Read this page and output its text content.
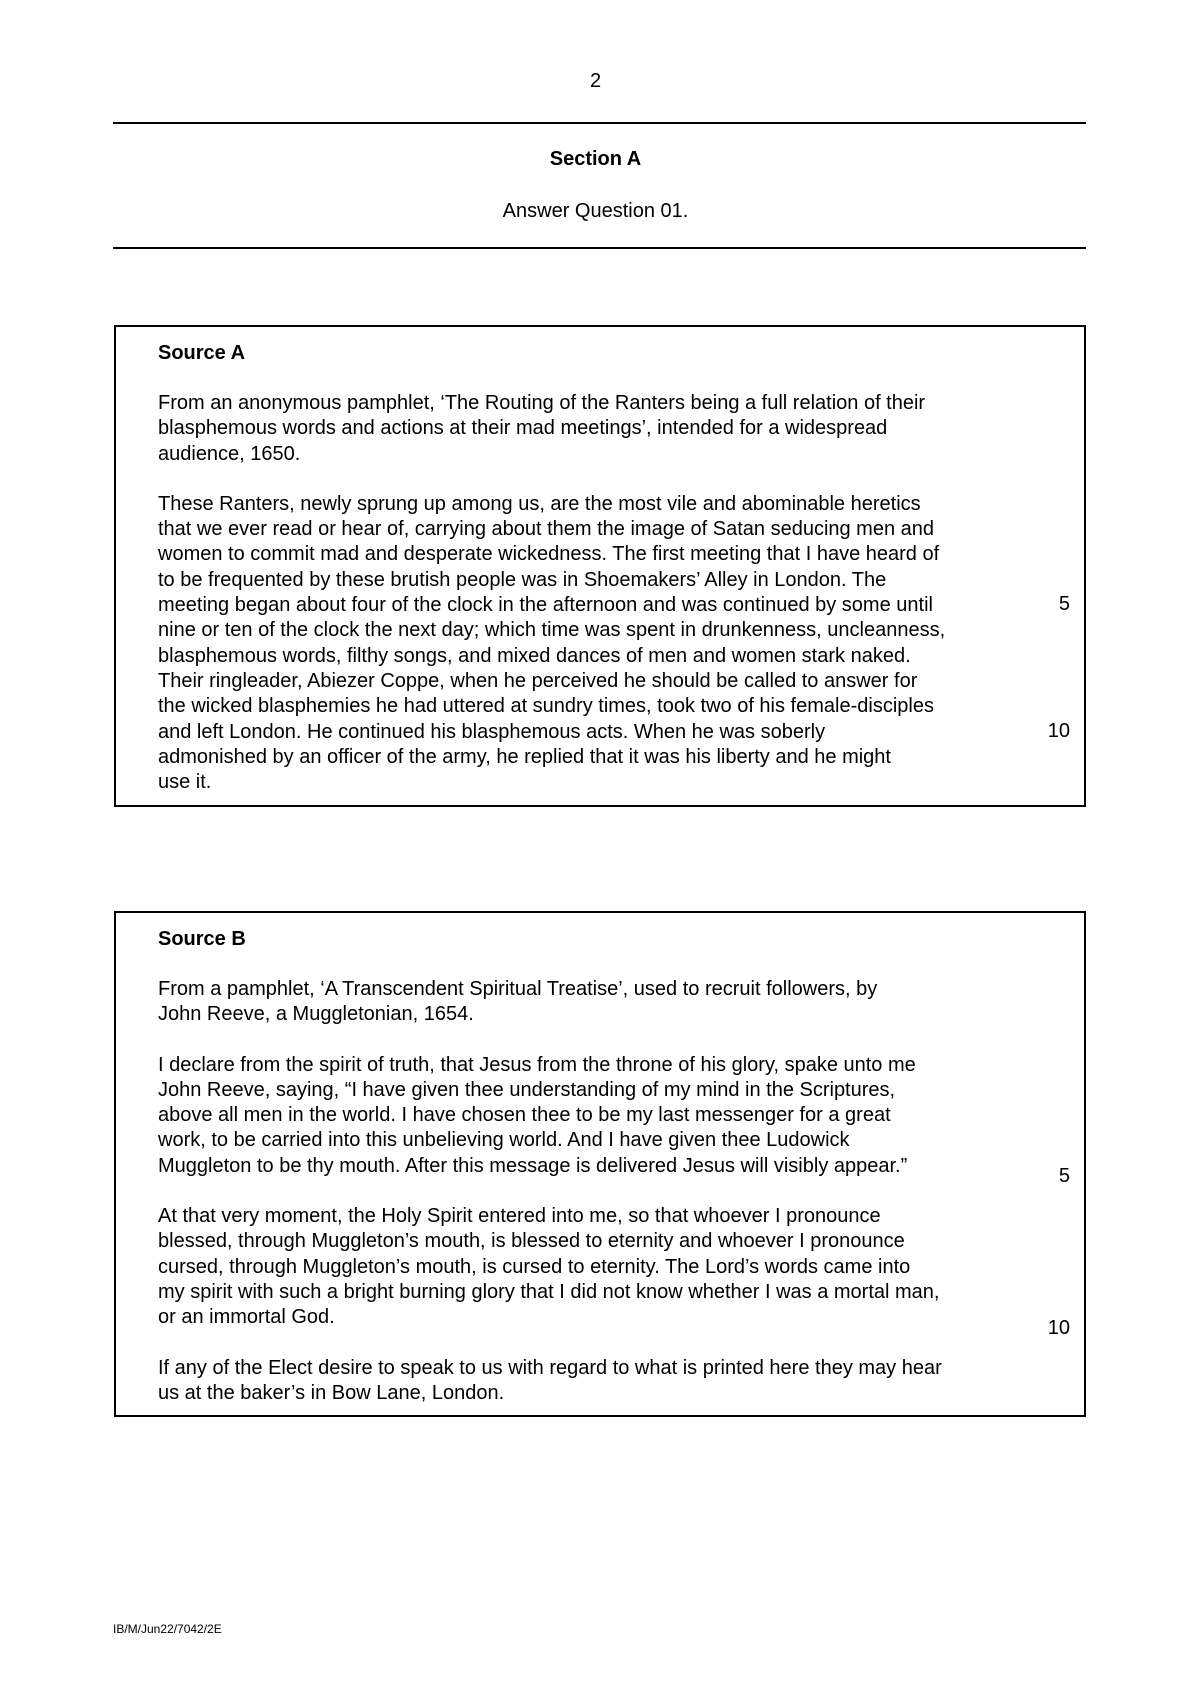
2
Section A
Answer Question 01.
Source A
From an anonymous pamphlet, ‘The Routing of the Ranters being a full relation of their
blasphemous words and actions at their mad meetings’, intended for a widespread
audience, 1650.
These Ranters, newly sprung up among us, are the most vile and abominable heretics
that we ever read or hear of, carrying about them the image of Satan seducing men and
women to commit mad and desperate wickedness. The first meeting that I have heard of
to be frequented by these brutish people was in Shoemakers’ Alley in London. The
meeting began about four of the clock in the afternoon and was continued by some until
nine or ten of the clock the next day; which time was spent in drunkenness, uncleanness,
blasphemous words, filthy songs, and mixed dances of men and women stark naked.
Their ringleader, Abiezer Coppe, when he perceived he should be called to answer for
the wicked blasphemies he had uttered at sundry times, took two of his female-disciples
and left London. He continued his blasphemous acts. When he was soberly
admonished by an officer of the army, he replied that it was his liberty and he might
use it.
5
10
Source B
From a pamphlet, ‘A Transcendent Spiritual Treatise’, used to recruit followers, by
John Reeve, a Muggletonian, 1654.
I declare from the spirit of truth, that Jesus from the throne of his glory, spake unto me
John Reeve, saying, “I have given thee understanding of my mind in the Scriptures,
above all men in the world. I have chosen thee to be my last messenger for a great
work, to be carried into this unbelieving world. And I have given thee Ludowick
Muggleton to be thy mouth. After this message is delivered Jesus will visibly appear.”
At that very moment, the Holy Spirit entered into me, so that whoever I pronounce
blessed, through Muggleton’s mouth, is blessed to eternity and whoever I pronounce
cursed, through Muggleton’s mouth, is cursed to eternity. The Lord’s words came into
my spirit with such a bright burning glory that I did not know whether I was a mortal man,
or an immortal God.
If any of the Elect desire to speak to us with regard to what is printed here they may hear
us at the baker’s in Bow Lane, London.
5
10
IB/M/Jun22/7042/2E
